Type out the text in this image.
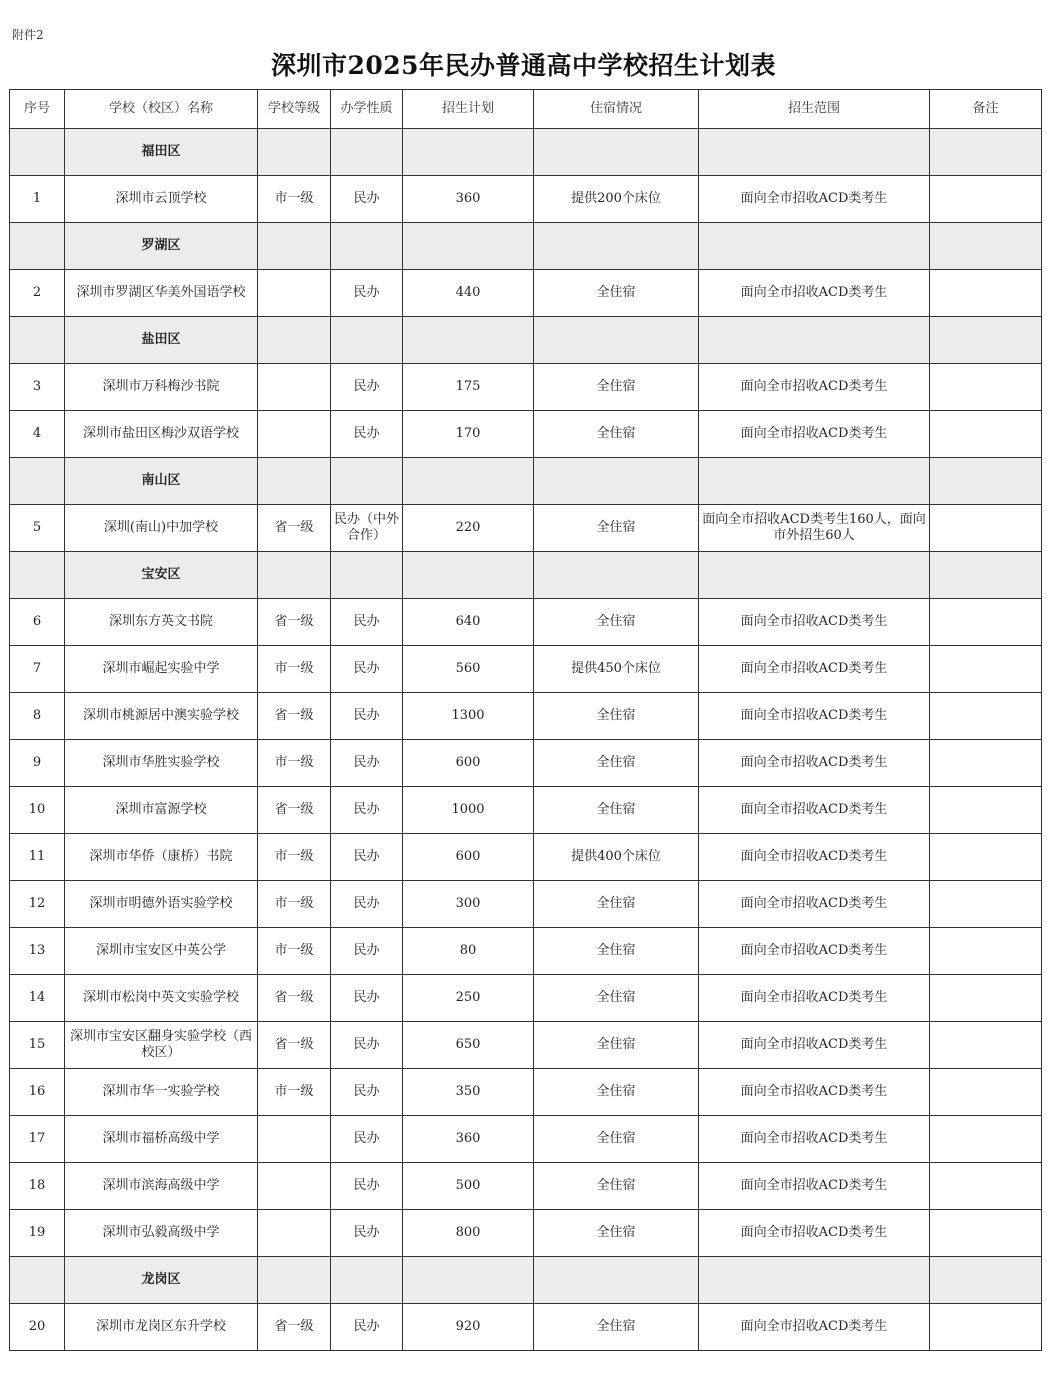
附件2
深圳市2025年民办普通高中学校招生计划表
序号	学校（校区）名称	学校等级	办学性质	招生计划	住宿情况	招生范围	备注
	福田区						
1	深圳市云顶学校	市一级	民办	360	提供200个床位	面向全市招收ACD类考生	
	罗湖区						
2	深圳市罗湖区华美外国语学校		民办	440	全住宿	面向全市招收ACD类考生	
	盐田区						
3	深圳市万科梅沙书院		民办	175	全住宿	面向全市招收ACD类考生	
4	深圳市盐田区梅沙双语学校		民办	170	全住宿	面向全市招收ACD类考生	
	南山区						
5	深圳(南山)中加学校	省一级	民办（中外合作）	220	全住宿	面向全市招收ACD类考生160人，面向市外招生60人	
	宝安区						
6	深圳东方英文书院	省一级	民办	640	全住宿	面向全市招收ACD类考生	
7	深圳市崛起实验中学	市一级	民办	560	提供450个床位	面向全市招收ACD类考生	
8	深圳市桃源居中澳实验学校	省一级	民办	1300	全住宿	面向全市招收ACD类考生	
9	深圳市华胜实验学校	市一级	民办	600	全住宿	面向全市招收ACD类考生	
10	深圳市富源学校	省一级	民办	1000	全住宿	面向全市招收ACD类考生	
11	深圳市华侨（康桥）书院	市一级	民办	600	提供400个床位	面向全市招收ACD类考生	
12	深圳市明德外语实验学校	市一级	民办	300	全住宿	面向全市招收ACD类考生	
13	深圳市宝安区中英公学	市一级	民办	80	全住宿	面向全市招收ACD类考生	
14	深圳市松岗中英文实验学校	省一级	民办	250	全住宿	面向全市招收ACD类考生	
15	深圳市宝安区翻身实验学校（西校区）	省一级	民办	650	全住宿	面向全市招收ACD类考生	
16	深圳市华一实验学校	市一级	民办	350	全住宿	面向全市招收ACD类考生	
17	深圳市福桥高级中学		民办	360	全住宿	面向全市招收ACD类考生	
18	深圳市滨海高级中学		民办	500	全住宿	面向全市招收ACD类考生	
19	深圳市弘毅高级中学		民办	800	全住宿	面向全市招收ACD类考生	
	龙岗区						
20	深圳市龙岗区东升学校	省一级	民办	920	全住宿	面向全市招收ACD类考生	
